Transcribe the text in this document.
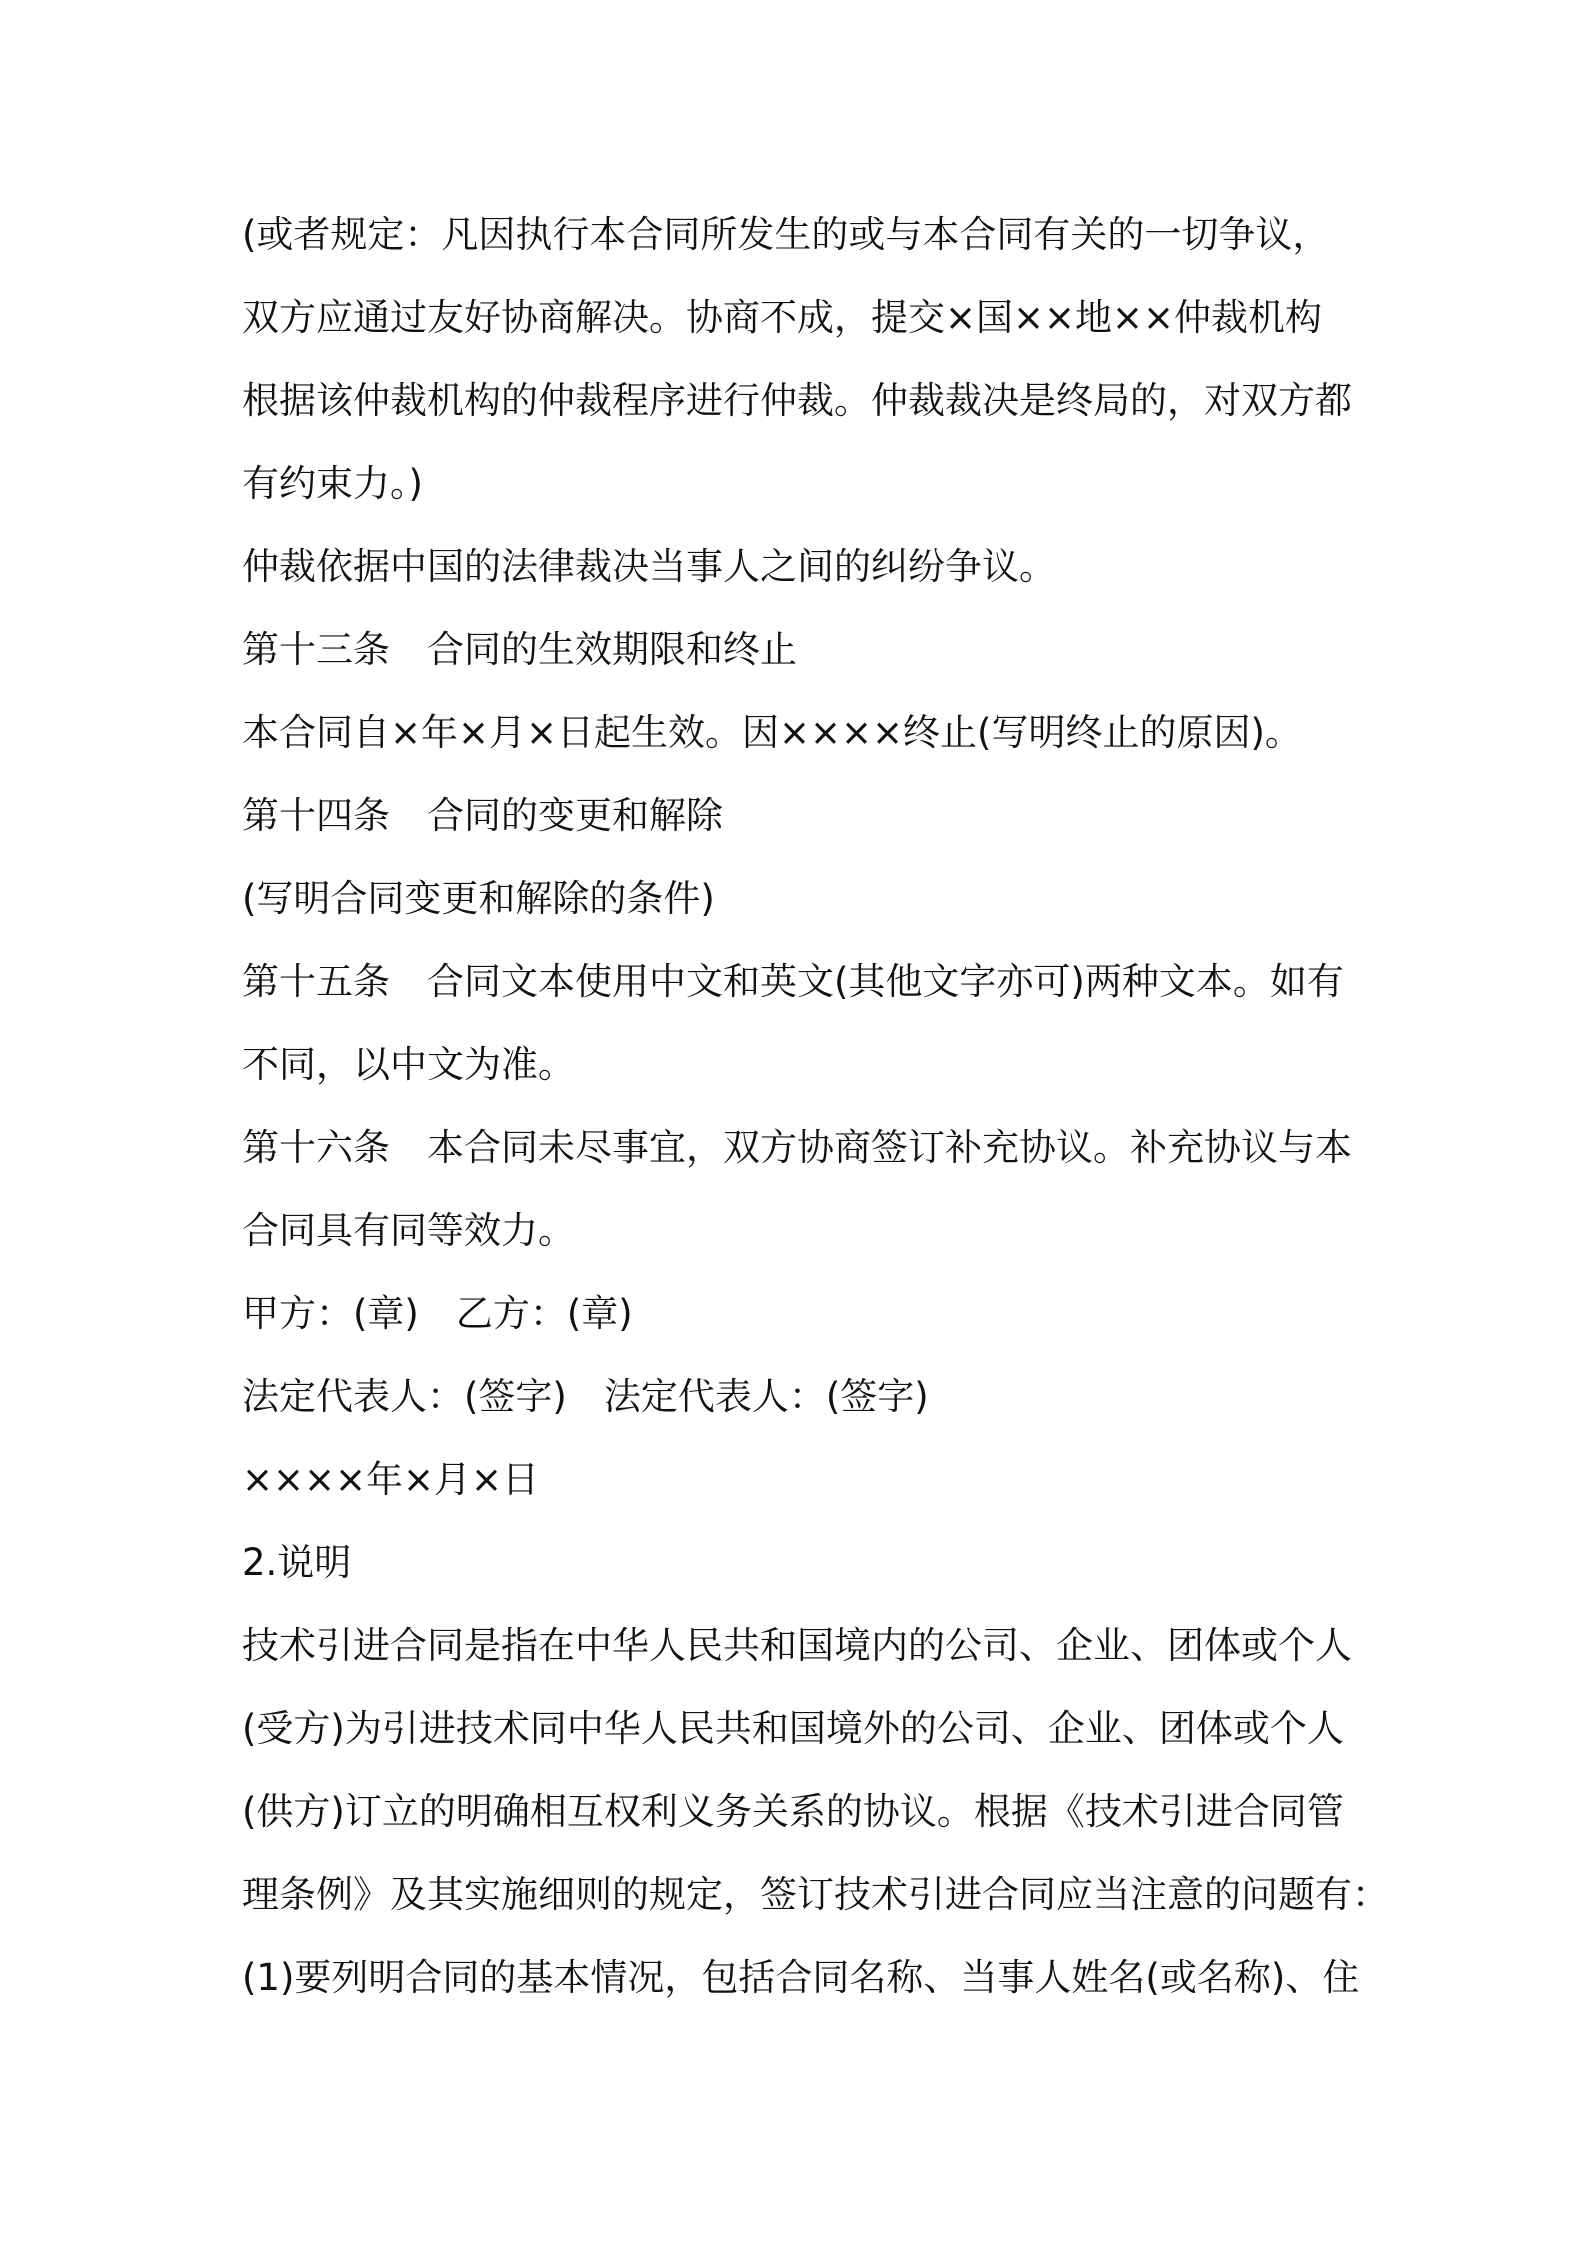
(或者规定：凡因执行本合同所发生的或与本合同有关的一切争议，
双方应通过友好协商解决。协商不成，提交×国××地××仲裁机构
根据该仲裁机构的仲裁程序进行仲裁。仲裁裁决是终局的，对双方都
有约束力。)
仲裁依据中国的法律裁决当事人之间的纠纷争议。
第十三条　合同的生效期限和终止
本合同自×年×月×日起生效。因××××终止(写明终止的原因)。
第十四条　合同的变更和解除
(写明合同变更和解除的条件)
第十五条　合同文本使用中文和英文(其他文字亦可)两种文本。如有
不同，以中文为准。
第十六条　本合同未尽事宜，双方协商签订补充协议。补充协议与本
合同具有同等效力。
甲方：(章)　乙方：(章)
法定代表人：(签字)　法定代表人：(签字)
××××年×月×日
2.说明
技术引进合同是指在中华人民共和国境内的公司、企业、团体或个人
(受方)为引进技术同中华人民共和国境外的公司、企业、团体或个人
(供方)订立的明确相互权利义务关系的协议。根据《技术引进合同管
理条例》及其实施细则的规定，签订技术引进合同应当注意的问题有：
(1)要列明合同的基本情况，包括合同名称、当事人姓名(或名称)、住
